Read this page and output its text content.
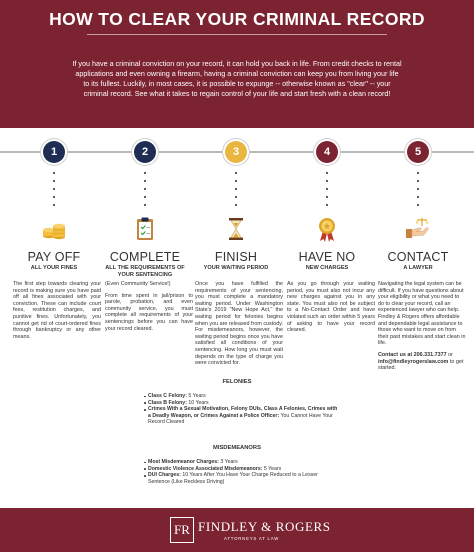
HOW TO CLEAR YOUR CRIMINAL RECORD
If you have a criminal conviction on your record, it can hold you back in life. From credit checks to rental applications and even owning a firearm, having a criminal conviction can keep you from living your life to its fullest. Luckily, in most cases, it is possible to expunge -- otherwise known as "clear" -- your criminal record. See what it takes to regain control of your life and start fresh with a clean record!
1
PAY OFF
ALL YOUR FINES
2
COMPLETE
ALL THE REQUIREMENTS OF YOUR SENTENCING
3
FINISH
YOUR WAITING PERIOD
4
HAVE NO
NEW CHARGES
5
CONTACT
A LAWYER

The first step towards clearing your record is making sure you have paid off all fines associated with your conviction. These can include court fees, restitution charges, and punitive fines. Unfortunately, you cannot get rid of court-ordered fines through bankruptcy or any other means.

(Even Community Service!)

From time spent in jail/prison to parole, probation, and even community service, you must complete all requirements of your sentencings before you can have your record cleared.

Once you have fulfilled the requirements of your sentencing, you must complete a mandatory waiting period. Under Washington State's 2019 "New Hope Act," the waiting period for felonies begins when you are released from custody. For misdemeanors, however, the waiting period begins once you have satisfied all conditions of your sentencing. How long you must wait depends on the type of charge you were convicted for.

As you go through your waiting period, you must also not incur any new charges against you in any state. You must also not be subject to a No-Contact Order and have violated such an order within 5 years of asking to have your record cleared.

Navigating the legal system can be difficult. If you have questions about your eligibility or what you need to do to clear your record, call an experienced lawyer who can help. Findley & Rogers offers affordable and dependable legal assistance to those who want to move on from their past mistakes and start clean in life.

Contact us at 206.331.7377 or info@findleyrogerslaw.com to get started.

FELONIES
Class C Felony: 5 Years
Class B Felony: 10 Years
Crimes With a Sexual Motivation, Felony DUIs, Class A Felonies, Crimes with a Deadly Weapon, or Crimes Against a Police Officer: You Cannot Have Your Record Cleared
MISDEMEANORS
Most Misdemeanor Charges: 3 Years
Domestic Violence Associated Misdemeanors: 5 Years
DUI Charges: 10 Years After You Have Your Charge Reduced to a Lesser Sentence (Like Reckless Driving)
FR FINDLEY & ROGERS
ATTORNEYS AT LAW
